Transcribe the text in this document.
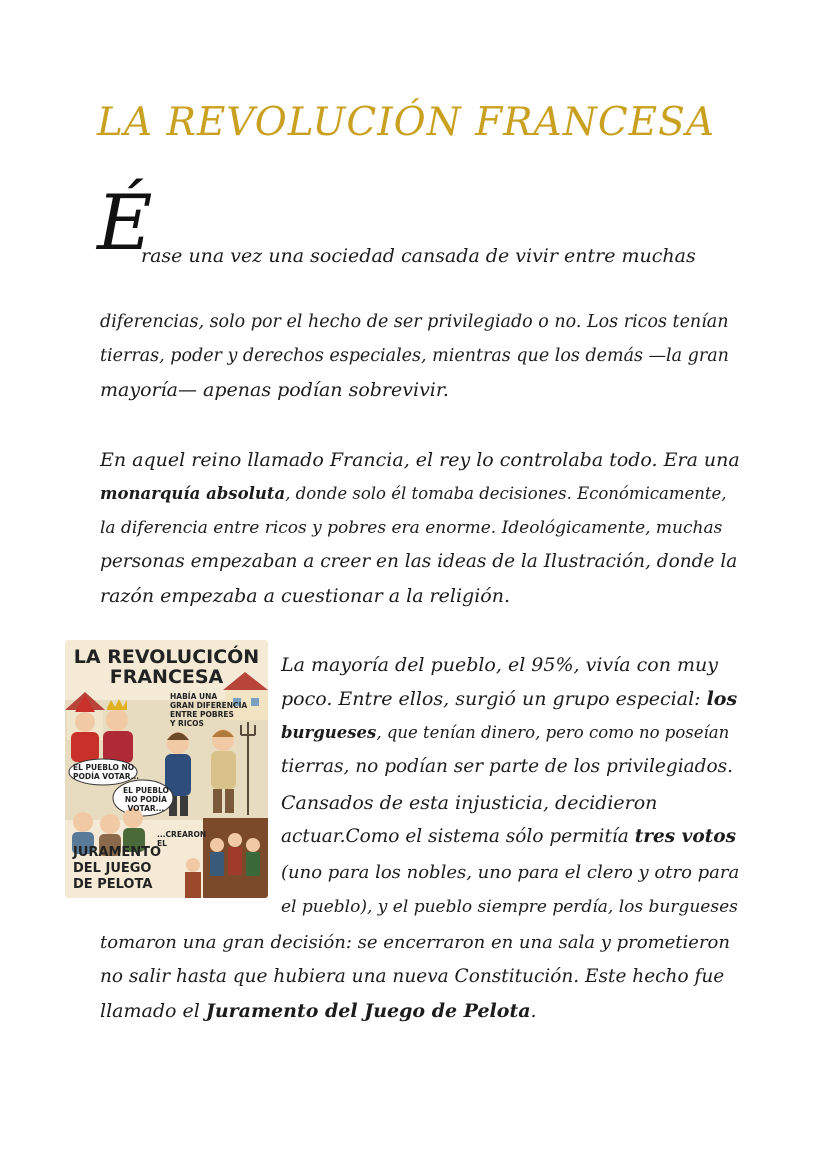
LA REVOLUCIÓN FRANCESA
É
rase una vez una sociedad cansada de vivir entre muchas
diferencias, solo por el hecho de ser privilegiado o no. Los ricos tenían
tierras, poder y derechos especiales, mientras que los demás —la gran
mayoría— apenas podían sobrevivir.
En aquel reino llamado Francia, el rey lo controlaba todo. Era una
monarquía absoluta, donde solo él tomaba decisiones. Económicamente,
la diferencia entre ricos y pobres era enorme. Ideológicamente, muchas
personas empezaban a creer en las ideas de la Ilustración, donde la
razón empezaba a cuestionar a la religión.
LA REVOLUCICÓN
FRANCESA
HABÍA UNA
GRAN DIFERENCIA
ENTRE POBRES
Y RICOS
EL PUEBLO NO
PODÍA VOTAR...
EL PUEBLO
NO PODÍA
VOTAR...
...CREARON
EL
JURAMENTO
DEL JUEGO
DE PELOTA
La mayoría del pueblo, el 95%, vivía con muy
poco. Entre ellos, surgió un grupo especial: los
burgueses, que tenían dinero, pero como no poseían
tierras, no podían ser parte de los privilegiados.
Cansados de esta injusticia, decidieron
actuar.Como el sistema sólo permitía tres votos
(uno para los nobles, uno para el clero y otro para
el pueblo), y el pueblo siempre perdía, los burgueses
tomaron una gran decisión: se encerraron en una sala y prometieron
no salir hasta que hubiera una nueva Constitución. Este hecho fue
llamado el Juramento del Juego de Pelota.
